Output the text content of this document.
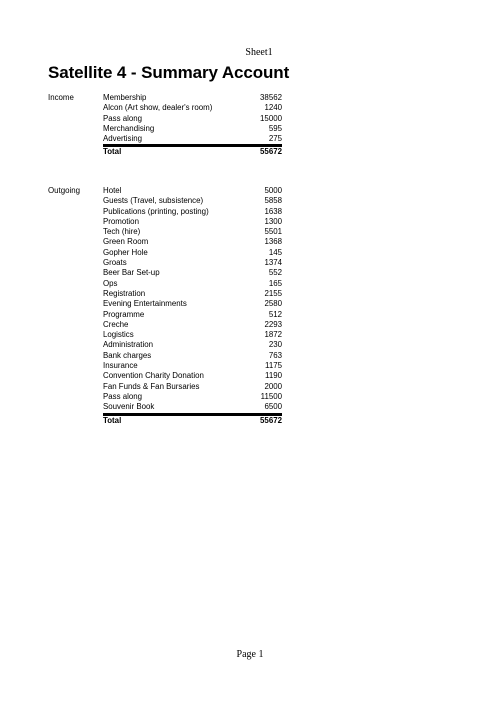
Sheet1
Satellite 4 - Summary Account
Income	Membership	38562
Alcon (Art show, dealer's room)	1240
Pass along	15000
Merchandising	595
Advertising	275
Total	55672
Outgoing	Hotel	5000
Guests (Travel, subsistence)	5858
Publications (printing, posting)	1638
Promotion	1300
Tech (hire)	5501
Green Room	1368
Gopher Hole	145
Groats	1374
Beer Bar Set-up	552
Ops	165
Registration	2155
Evening Entertainments	2580
Programme	512
Creche	2293
Logistics	1872
Administration	230
Bank charges	763
Insurance	1175
Convention Charity Donation	1190
Fan Funds & Fan Bursaries	2000
Pass along	11500
Souvenir Book	6500
Total	55672
Page 1
